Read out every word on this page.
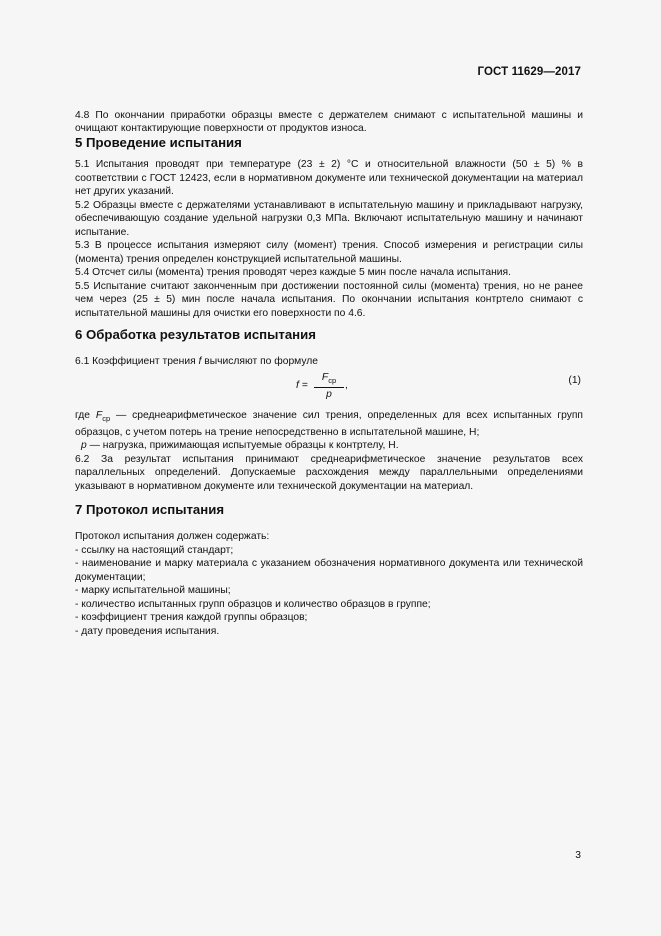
ГОСТ 11629—2017

4.8 По окончании приработки образцы вместе с держателем снимают с испытательной машины и очищают контактирующие поверхности от продуктов износа.

5 Проведение испытания

5.1 Испытания проводят при температуре (23 ± 2) °С и относительной влажности (50 ± 5) % в соответствии с ГОСТ 12423, если в нормативном документе или технической документации на материал нет других указаний.

5.2 Образцы вместе с держателями устанавливают в испытательную машину и прикладывают нагрузку, обеспечивающую создание удельной нагрузки 0,3 МПа. Включают испытательную машину и начинают испытание.

5.3 В процессе испытания измеряют силу (момент) трения. Способ измерения и регистрации силы (момента) трения определен конструкцией испытательной машины.

5.4 Отсчет силы (момента) трения проводят через каждые 5 мин после начала испытания.

5.5 Испытание считают законченным при достижении постоянной силы (момента) трения, но не ранее чем через (25 ± 5) мин после начала испытания. По окончании испытания контртело снимают с испытательной машины для очистки его поверхности по 4.6.

6 Обработка результатов испытания

6.1 Коэффициент трения f вычисляют по формуле

f =
$F_{ср}$
p
,	(1)

где $F_{ср}$ — среднеарифметическое значение сил трения, определенных для всех испытанных групп образцов, с учетом потерь на трение непосредственно в испытательной машине, Н;

p — нагрузка, прижимающая испытуемые образцы к контртелу, Н.

6.2 За результат испытания принимают среднеарифметическое значение результатов всех параллельных определений. Допускаемые расхождения между параллельными определениями указывают в нормативном документе или технической документации на материал.

7 Протокол испытания

Протокол испытания должен содержать:

- ссылку на настоящий стандарт;

- наименование и марку материала с указанием обозначения нормативного документа или технической документации;

- марку испытательной машины;

- количество испытанных групп образцов и количество образцов в группе;

- коэффициент трения каждой группы образцов;

- дату проведения испытания.

3
